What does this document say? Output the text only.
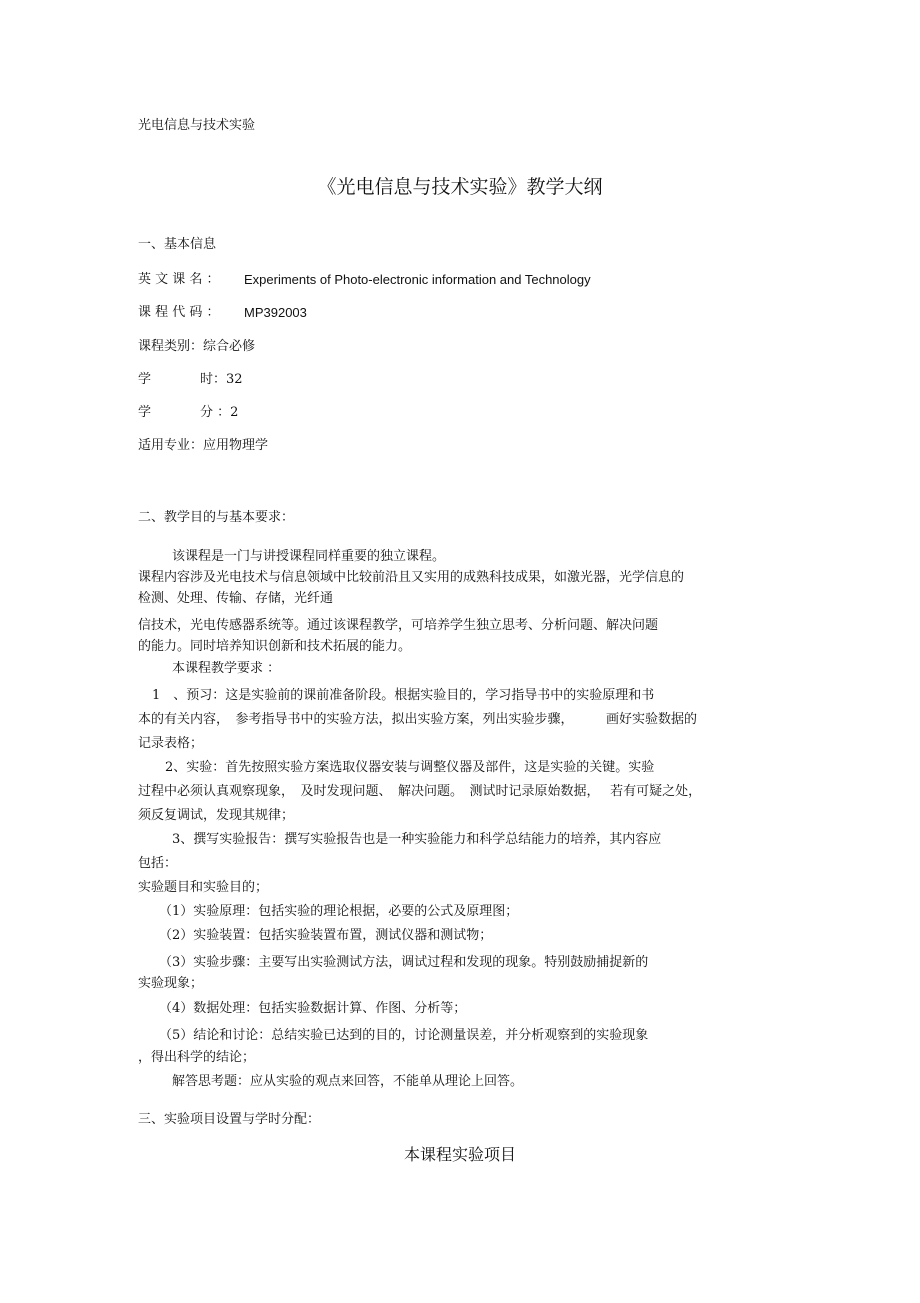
光电信息与技术实验
《光电信息与技术实验》教学大纲
一、基本信息
英 文 课 名 ： Experiments of Photo-electronic information and Technology
课 程 代 码 ： MP392003
课程类别：综合必修
学	时：32
学	分 ：2
适用专业：应用物理学
二、教学目的与基本要求：
该课程是一门与讲授课程同样重要的独立课程。
课程内容涉及光电技术与信息领域中比较前沿且又实用的成熟科技成果，如激光器，光学信息的
检测、处理、传输、存储，光纤通
信技术，光电传感器系统等。通过该课程教学，可培养学生独立思考、分析问题、解决问题
的能力。同时培养知识创新和技术拓展的能力。
本课程教学要求 ：
1　、预习：这是实验前的课前准备阶段。根据实验目的，学习指导书中的实验原理和书
本的有关内容，　参考指导书中的实验方法，拟出实验方案，列出实验步骤，　　　画好实验数据的
记录表格；
2、实验：首先按照实验方案选取仪器安装与调整仪器及部件，这是实验的关键。实验
过程中必须认真观察现象，　及时发现问题、　解决问题。　测试时记录原始数据，　 若有可疑之处，
须反复调试，发现其规律；
3、撰写实验报告：撰写实验报告也是一种实验能力和科学总结能力的培养，其内容应
包括：
实验题目和实验目的；
（1）实验原理：包括实验的理论根据，必要的公式及原理图；
（2）实验装置：包括实验装置布置，测试仪器和测试物；
（3）实验步骤：主要写出实验测试方法，调试过程和发现的现象。特别鼓励捕捉新的
实验现象；
（4）数据处理：包括实验数据计算、作图、分析等；
（5）结论和讨论：总结实验已达到的目的，讨论测量误差，并分析观察到的实验现象
，得出科学的结论；
解答思考题：应从实验的观点来回答，不能单从理论上回答。
三、实验项目设置与学时分配：
本课程实验项目
